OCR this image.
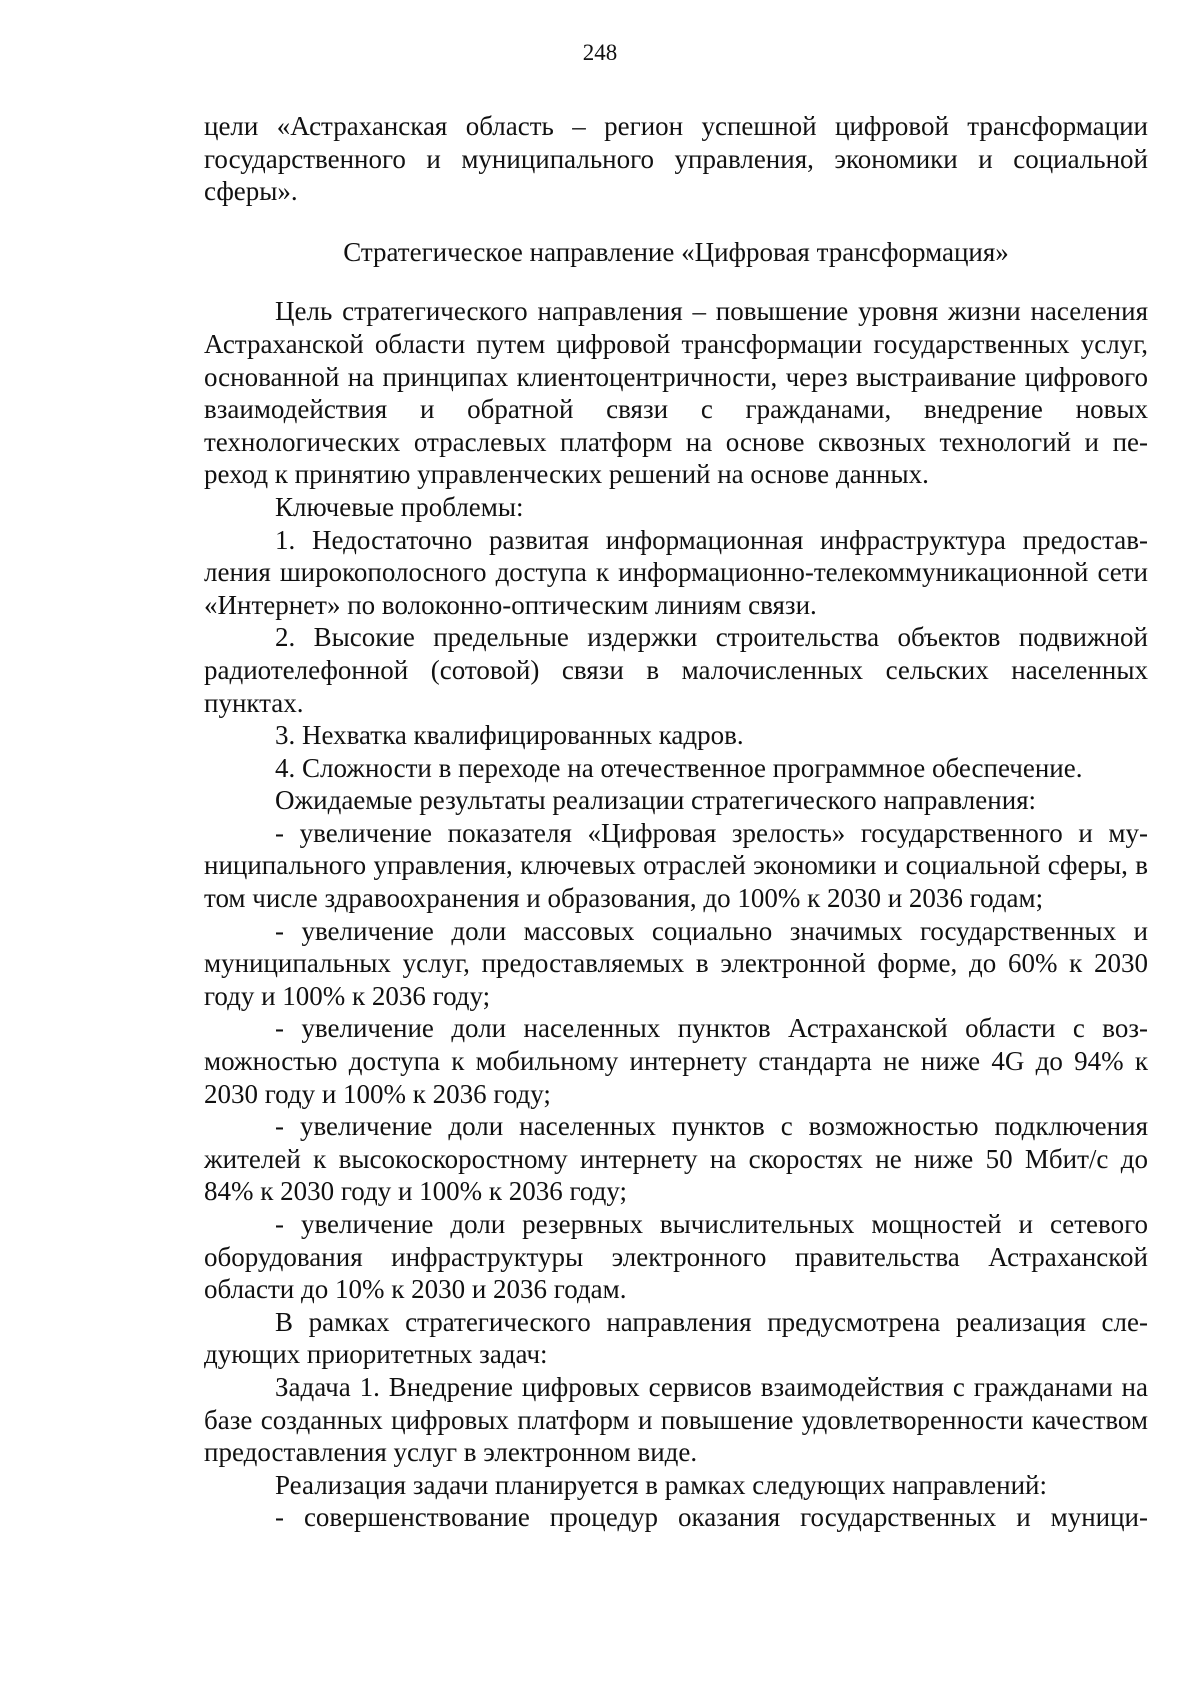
248

цели «Астраханская область – регион успешной цифровой трансформации государственного и муниципального управления, экономики и социальной сферы».

Стратегическое направление «Цифровая трансформация»

Цель стратегического направления – повышение уровня жизни населения Астраханской области путем цифровой трансформации государственных услуг, основанной на принципах клиентоцентричности, через выстраивание цифрового взаимодействия и обратной связи с гражданами, внедрение новых технологических отраслевых платформ на основе сквозных технологий и переход к принятию управленческих решений на основе данных.

Ключевые проблемы:

1. Недостаточно развитая информационная инфраструктура предоставления широкополосного доступа к информационно-телекоммуникационной сети «Интернет» по волоконно-оптическим линиям связи.

2. Высокие предельные издержки строительства объектов подвижной радиотелефонной (сотовой) связи в малочисленных сельских населенных пунктах.

3. Нехватка квалифицированных кадров.

4. Сложности в переходе на отечественное программное обеспечение.

Ожидаемые результаты реализации стратегического направления:

- увеличение показателя «Цифровая зрелость» государственного и муниципального управления, ключевых отраслей экономики и социальной сферы, в том числе здравоохранения и образования, до 100% к 2030 и 2036 годам;

- увеличение доли массовых социально значимых государственных и муниципальных услуг, предоставляемых в электронной форме, до 60% к 2030 году и 100% к 2036 году;

- увеличение доли населенных пунктов Астраханской области с возможностью доступа к мобильному интернету стандарта не ниже 4G до 94% к 2030 году и 100% к 2036 году;

- увеличение доли населенных пунктов с возможностью подключения жителей к высокоскоростному интернету на скоростях не ниже 50 Мбит/с до 84% к 2030 году и 100% к 2036 году;

- увеличение доли резервных вычислительных мощностей и сетевого оборудования инфраструктуры электронного правительства Астраханской области до 10% к 2030 и 2036 годам.

В рамках стратегического направления предусмотрена реализация следующих приоритетных задач:

Задача 1. Внедрение цифровых сервисов взаимодействия с гражданами на базе созданных цифровых платформ и повышение удовлетворенности качеством предоставления услуг в электронном виде.

Реализация задачи планируется в рамках следующих направлений:

- совершенствование процедур оказания государственных и муници-
